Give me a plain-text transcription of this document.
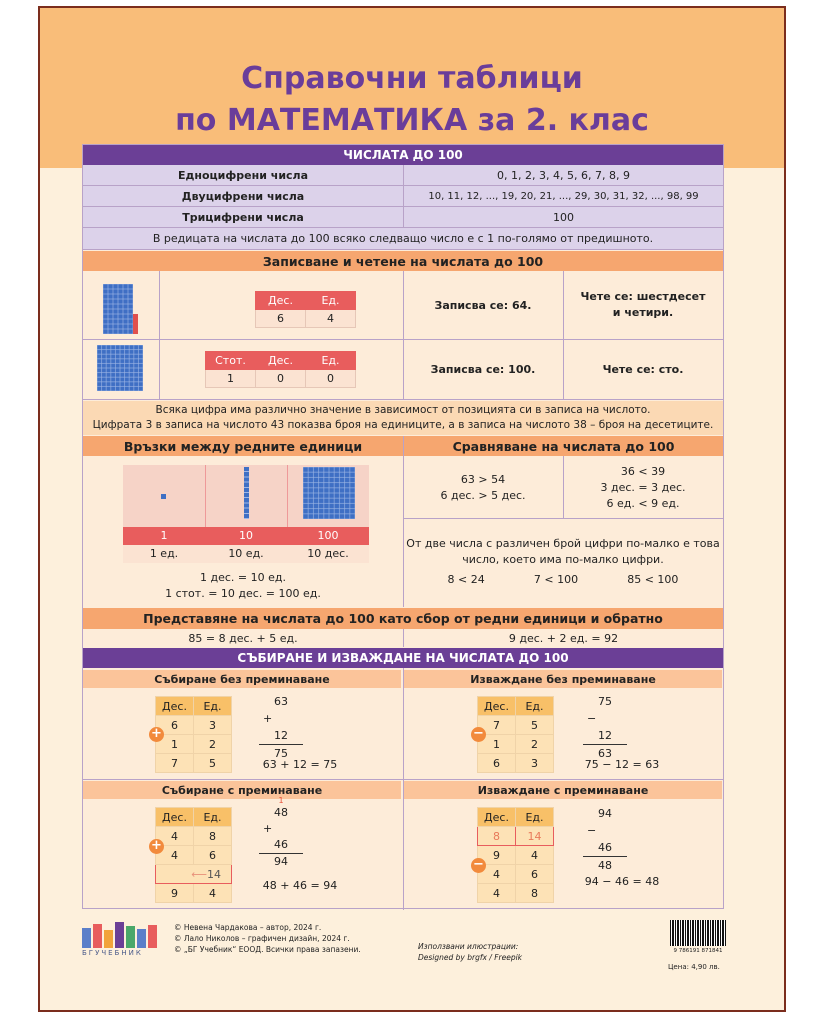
Справочни таблици
по МАТЕМАТИКА за 2. клас
ЧИСЛАТА ДО 100
Едноцифрени числа	0, 1, 2, 3, 4, 5, 6, 7, 8, 9
Двуцифрени числа	10, 11, 12, ..., 19, 20, 21, ..., 29, 30, 31, 32, ..., 98, 99
Трицифрени числа	100
В редицата на числата до 100 всяко следващо число е с 1 по-голямо от предишното.
Записване и четене на числата до 100
Дес.	Ед.
6	4
Записва се: 64.
Чете се: шестдесет
и четири.
Стот.	Дес.	Ед.
1	0	0
Записва се: 100.	Чете се: сто.
Всяка цифра има различно значение в зависимост от позицията си в записа на числото.
Цифрата 3 в записа на числото 43 показва броя на единиците, а в записа на числото 38 – броя на десетиците.
Връзки между редните единици	Сравняване на числата до 100
1	10	100
1 ед.	10 ед.	10 дес.
1 дес. = 10 ед.
1 стот. = 10 дес. = 100 ед.
63 > 54
6 дес. > 5 дес.
36 < 39
3 дес. = 3 дес.
6 ед. < 9 ед.
От две числа с различен брой цифри по-малко е това
число, което има по-малко цифри.
8 < 24	7 < 100	85 < 100
Представяне на числата до 100 като сбор от редни единици и обратно
85 = 8 дес. + 5 ед.	9 дес. + 2 ед. = 92
СЪБИРАНЕ И ИЗВАЖДАНЕ НА ЧИСЛАТА ДО 100
Събиране без преминаване
Дес.	Ед.
6	3
1	2
7	5
+
63
+
12
75
63 + 12 = 75
Изваждане без преминаване
Дес.	Ед.
7	5
1	2
6	3
−
75
−
12
63
75 − 12 = 63
Събиране с преминаване
Дес.	Ед.
4	8
4	6
⟵14	
9	4
+
1
48
+
46
94
48 + 46 = 94
Изваждане с преминаване
Дес.	Ед.
8	14
9	4
4	6
4	8
−
94
−
46
48
94 − 46 = 48
БГУЧЕБНИК
© Невена Чардакова – автор, 2024 г.
© Лало Николов – графичен дизайн, 2024 г.
© „БГ Учебник“ ЕООД. Всички права запазени.	Използвани илюстрации:
Designed by brgfx / Freepik
9 786191 871841
Цена: 4,90 лв.
